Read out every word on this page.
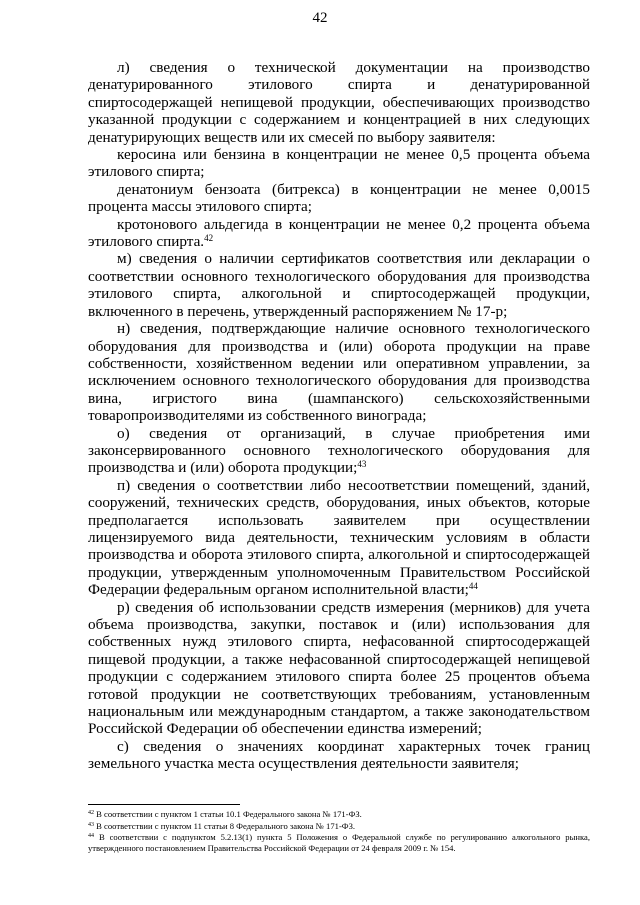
42

л) сведения о технической документации на производство денатурированного этилового спирта и денатурированной спиртосодержащей непищевой продукции, обеспечивающих производство указанной продукции с содержанием и концентрацией в них следующих денатурирующих веществ или их смесей по выбору заявителя:

керосина или бензина в концентрации не менее 0,5 процента объема этилового спирта;

денатониум бензоата (битрекса) в концентрации не менее 0,0015 процента массы этилового спирта;

кротонового альдегида в концентрации не менее 0,2 процента объема этилового спирта.$^{42}$

м) сведения о наличии сертификатов соответствия или декларации о соответствии основного технологического оборудования для производства этилового спирта, алкогольной и спиртосодержащей продукции, включенного в перечень, утвержденный распоряжением № 17-р;

н) сведения, подтверждающие наличие основного технологического оборудования для производства и (или) оборота продукции на праве собственности, хозяйственном ведении или оперативном управлении, за исключением основного технологического оборудования для производства вина, игристого вина (шампанского) сельскохозяйственными товаропроизводителями из собственного винограда;

о) сведения от организаций, в случае приобретения ими законсервированного основного технологического оборудования для производства и (или) оборота продукции;$^{43}$

п) сведения о соответствии либо несоответствии помещений, зданий, сооружений, технических средств, оборудования, иных объектов, которые предполагается использовать заявителем при осуществлении лицензируемого вида деятельности, техническим условиям в области производства и оборота этилового спирта, алкогольной и спиртосодержащей продукции, утвержденным уполномоченным Правительством Российской Федерации федеральным органом исполнительной власти;$^{44}$

р) сведения об использовании средств измерения (мерников) для учета объема производства, закупки, поставок и (или) использования для собственных нужд этилового спирта, нефасованной спиртосодержащей пищевой продукции, а также нефасованной спиртосодержащей непищевой продукции с содержанием этилового спирта более 25 процентов объема готовой продукции не соответствующих требованиям, установленным национальным или международным стандартом, а также законодательством Российской Федерации об обеспечении единства измерений;

с) сведения о значениях координат характерных точек границ земельного участка места осуществления деятельности заявителя;

$^{42}$ В соответствии с пунктом 1 статьи 10.1 Федерального закона № 171-ФЗ.

$^{43}$ В соответствии с пунктом 11 статьи 8 Федерального закона № 171-ФЗ.

$^{44}$ В соответствии с подпунктом 5.2.13(1) пункта 5 Положения о Федеральной службе по регулированию алкогольного рынка, утвержденного постановлением Правительства Российской Федерации от 24 февраля 2009 г. № 154.
